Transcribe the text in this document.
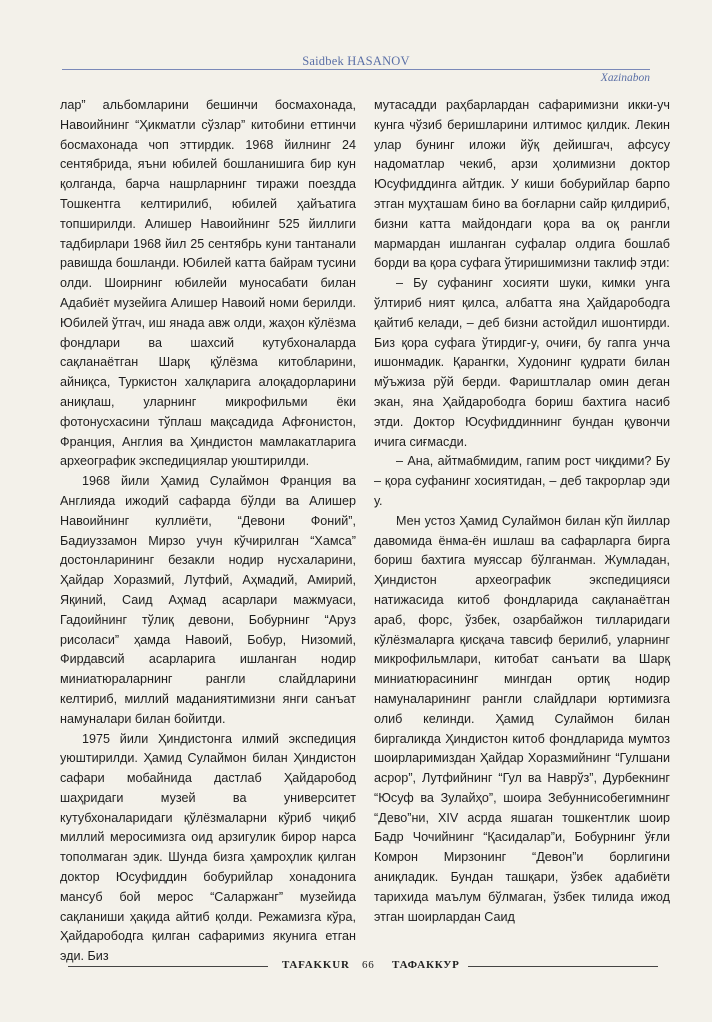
Saidbek HASANOV
Xazinabon

лар” альбомларини бешинчи босмахонада, Навоийнинг “Ҳикматли сўзлар” китобини еттинчи босмахонада чоп эттирдик. 1968 йилнинг 24 сентябрида, яъни юбилей бошланишига бир кун қолганда, барча нашрларнинг тиражи поездда Тошкентга келтирилиб, юбилей ҳайъатига топширилди. Алишер Навоийнинг 525 йиллиги тадбирлари 1968 йил 25 сентябрь куни тантанали равишда бошланди. Юбилей катта байрам тусини олди. Шоирнинг юбилейи муносабати билан Адабиёт музейига Алишер Навоий номи берилди. Юбилей ўтгач, иш янада авж олди, жаҳон кўлёзма фондлари ва шахсий кутубхоналарда сақланаётган Шарқ қўлёзма китобларини, айниқса, Туркистон халқларига алоқадорларини аниқлаш, уларнинг микрофильми ёки фотонусхасини тўплаш мақсадида Афғонистон, Франция, Англия ва Ҳиндистон мамлакатларига археографик экспедициялар уюштирилди.

1968 йили Ҳамид Сулаймон Франция ва Англияда ижодий сафарда бўлди ва Алишер Навоийнинг куллиёти, “Девони Фоний”, Бадиуззамон Мирзо учун кўчирилган “Хамса” достонларининг безакли нодир нусхаларини, Ҳайдар Хоразмий, Лутфий, Аҳмадий, Амирий, Яқиний, Саид Аҳмад асарлари мажмуаси, Гадоийнинг тўлиқ девони, Бобурнинг “Аруз рисоласи” ҳамда Навоий, Бобур, Низомий, Фирдавсий асарларига ишланган нодир миниатюраларнинг рангли слайдларини келтириб, миллий маданиятимизни янги санъат намуналари билан бойитди.

1975 йили Ҳиндистонга илмий экспедиция уюштирилди. Ҳамид Сулаймон билан Ҳиндистон сафари мобайнида дастлаб Ҳайдаробод шаҳридаги музей ва университет кутубхоналаридаги қўлёзмаларни кўриб чиқиб миллий меросимизга оид арзигулик бирор нарса тополмаган эдик. Шунда бизга ҳамроҳлик қилган доктор Юсуфиддин бобурийлар хонадонига мансуб бой мерос “Саларжанг” музейида сақланиши ҳақида айтиб қолди. Режамизга кўра, Ҳайдарободга қилган сафаримиз якунига етган эди. Биз

мутасадди раҳбарлардан сафаримизни икки-уч кунга чўзиб беришларини илтимос қилдик. Лекин улар бунинг иложи йўқ дейишгач, афсусу надоматлар чекиб, арзи ҳолимизни доктор Юсуфиддинга айтдик. У киши бобурийлар барпо этган муҳташам бино ва боғларни сайр қилдириб, бизни катта майдондаги қора ва оқ рангли мармардан ишланган суфалар олдига бошлаб борди ва қора суфага ўтиришимизни таклиф этди:

– Бу суфанинг хосияти шуки, кимки унга ўлтириб ният қилса, албатта яна Ҳайдарободга қайтиб келади, – деб бизни астойдил ишонтирди. Биз қора суфага ўтирдиг-у, очиғи, бу гапга унча ишонмадик. Қарангки, Худонинг қудрати билан мўъжиза рўй берди. Фариштлалар омин деган экан, яна Ҳайдарободга бориш бахтига насиб этди. Доктор Юсуфиддиннинг бундан қувончи ичига сиғмасди.

– Ана, айтмабмидим, гапим рост чиқдими? Бу – қора суфанинг хосиятидан, – деб такрорлар эди у.

Мен устоз Ҳамид Сулаймон билан кўп йиллар давомида ёнма-ён ишлаш ва сафарларга бирга бориш бахтига муяссар бўлганман. Жумладан, Ҳиндистон археографик экспедицияси натижасида китоб фондларида сақланаётган араб, форс, ўзбек, озарбайжон тилларидаги кўлёзмаларга қисқача тавсиф берилиб, уларнинг микрофильмлари, китобат санъати ва Шарқ миниатюрасининг мингдан ортиқ нодир намуналарининг рангли слайдлари юртимизга олиб келинди. Ҳамид Сулаймон билан биргаликда Ҳиндистон китоб фондларида мумтоз шоирларимиздан Ҳайдар Хоразмийнинг “Гулшани асрор”, Лутфийнинг “Гул ва Наврўз”, Дурбекнинг “Юсуф ва Зулайҳо”, шоира Зебуннисобегимнинг “Дево”ни, XIV асрда яшаган тошкентлик шоир Бадр Чочийнинг “Қасидалар”и, Бобурнинг ўғли Комрон Мирзонинг “Девон”и борлигини аниқладик. Бундан ташқари, ўзбек адабиёти тарихида маълум бўлмаган, ўзбек тилида ижод этган шоирлардан Саид

TAFAKKUR 66 ТАФАККУР
